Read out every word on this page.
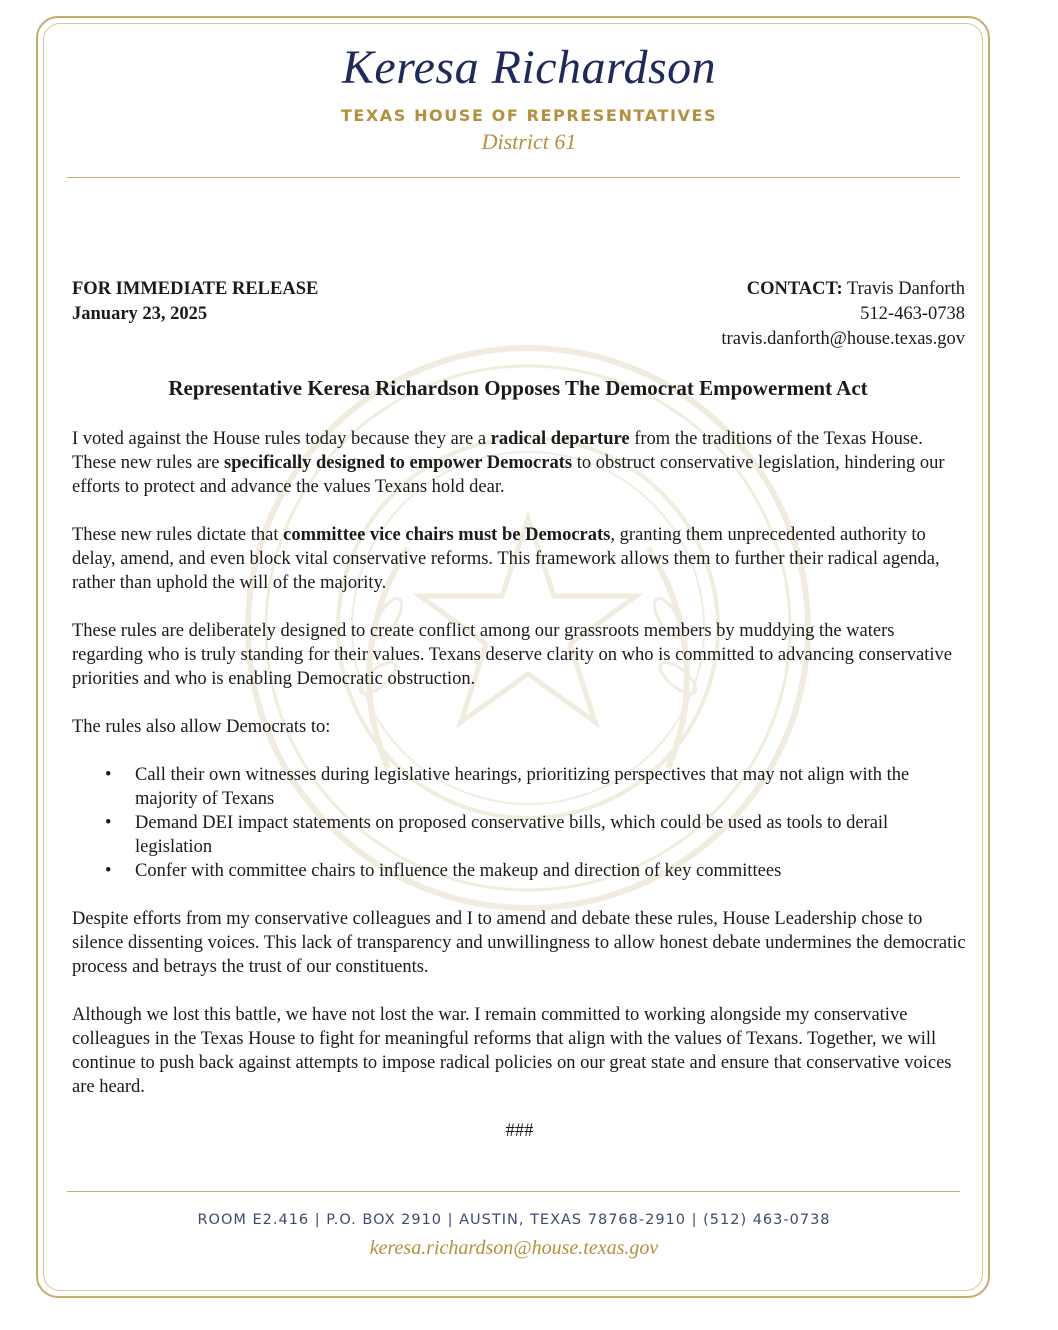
Keresa Richardson
TEXAS HOUSE OF REPRESENTATIVES
District 61
FOR IMMEDIATE RELEASE
January 23, 2025
CONTACT: Travis Danforth
512-463-0738
travis.danforth@house.texas.gov
Representative Keresa Richardson Opposes The Democrat Empowerment Act

I voted against the House rules today because they are a radical departure from the traditions of the Texas House. These new rules are specifically designed to empower Democrats to obstruct conservative legislation, hindering our efforts to protect and advance the values Texans hold dear.

These new rules dictate that committee vice chairs must be Democrats, granting them unprecedented authority to delay, amend, and even block vital conservative reforms. This framework allows them to further their radical agenda, rather than uphold the will of the majority.

These rules are deliberately designed to create conflict among our grassroots members by muddying the waters regarding who is truly standing for their values. Texans deserve clarity on who is committed to advancing conservative priorities and who is enabling Democratic obstruction.

The rules also allow Democrats to:

• Call their own witnesses during legislative hearings, prioritizing perspectives that may not align with the majority of Texans
• Demand DEI impact statements on proposed conservative bills, which could be used as tools to derail legislation
• Confer with committee chairs to influence the makeup and direction of key committees

Despite efforts from my conservative colleagues and I to amend and debate these rules, House Leadership chose to silence dissenting voices. This lack of transparency and unwillingness to allow honest debate undermines the democratic process and betrays the trust of our constituents.

Although we lost this battle, we have not lost the war. I remain committed to working alongside my conservative colleagues in the Texas House to fight for meaningful reforms that align with the values of Texans. Together, we will continue to push back against attempts to impose radical policies on our great state and ensure that conservative voices are heard.

###
ROOM E2.416 | P.O. BOX 2910 | AUSTIN, TEXAS 78768-2910 | (512) 463-0738
keresa.richardson@house.texas.gov
